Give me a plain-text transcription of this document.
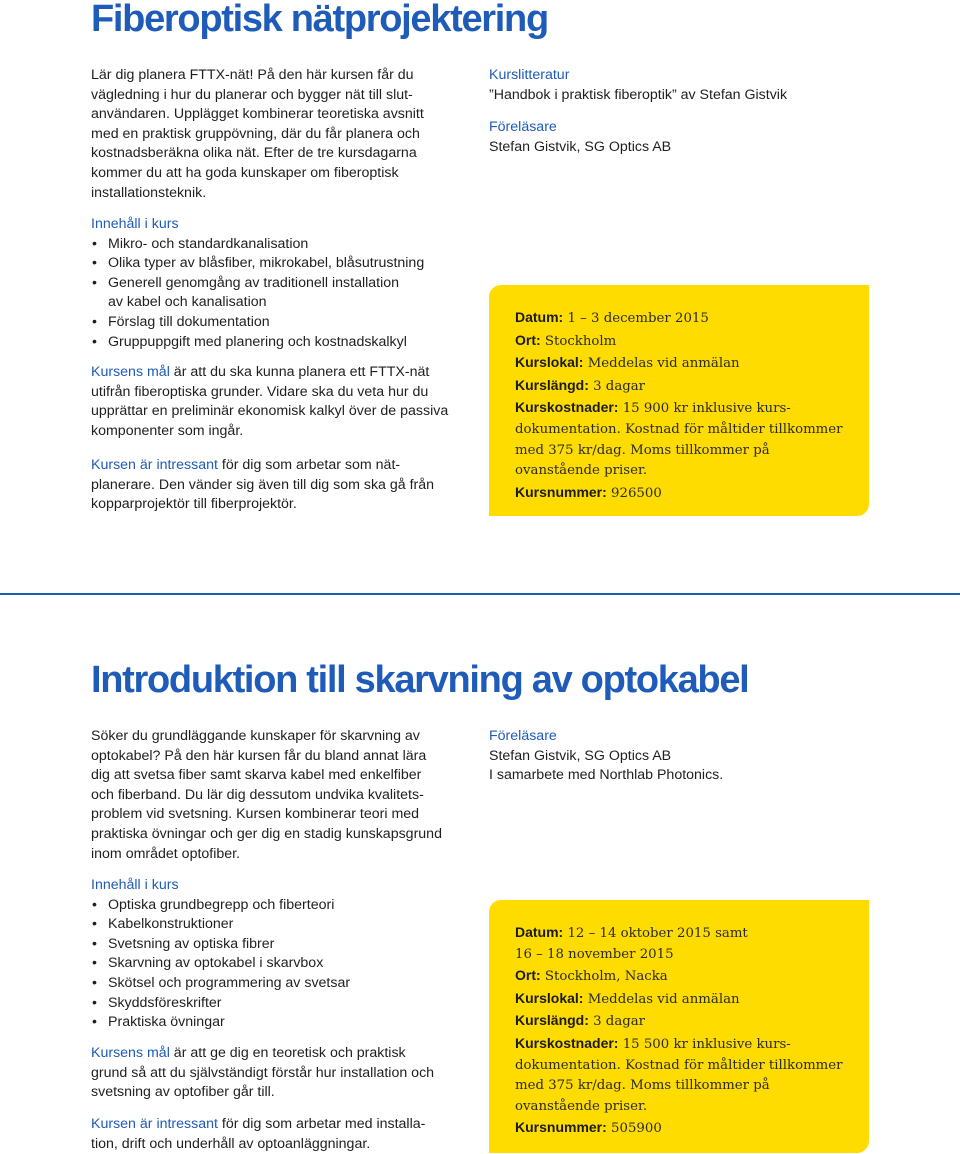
Fiberoptisk nätprojektering

Lär dig planera FTTX-nät! På den här kursen får du

vägledning i hur du planerar och bygger nät till slut-

användaren. Upplägget kombinerar teoretiska avsnitt

med en praktisk gruppövning, där du får planera och

kostnadsberäkna olika nät. Efter de tre kursdagarna

kommer du att ha goda kunskaper om fiberoptisk

installationsteknik.

Innehåll i kurs

• Mikro- och standardkanalisation
• Olika typer av blåsfiber, mikrokabel, blåsutrustning
• Generell genomgång av traditionell installation
av kabel och kanalisation
• Förslag till dokumentation
• Gruppuppgift med planering och kostnadskalkyl

Kursens mål är att du ska kunna planera ett FTTX-nät

utifrån fiberoptiska grunder. Vidare ska du veta hur du

upprättar en preliminär ekonomisk kalkyl över de passiva

komponenter som ingår.

Kursen är intressant för dig som arbetar som nät-

planerare. Den vänder sig även till dig som ska gå från

kopparprojektör till fiberprojektör.

Kurslitteratur

”Handbok i praktisk fiberoptik” av Stefan Gistvik

Föreläsare

Stefan Gistvik, SG Optics AB

Datum: 1 – 3 december 2015

Ort: Stockholm

Kurslokal: Meddelas vid anmälan

Kurslängd: 3 dagar

Kurskostnader: 15 900 kr inklusive kurs-

dokumentation. Kostnad för måltider tillkommer

med 375 kr/dag. Moms tillkommer på

ovanstående priser.

Kursnummer: 926500

Introduktion till skarvning av optokabel

Söker du grundläggande kunskaper för skarvning av

optokabel? På den här kursen får du bland annat lära

dig att svetsa fiber samt skarva kabel med enkelfiber

och fiberband. Du lär dig dessutom undvika kvalitets-

problem vid svetsning. Kursen kombinerar teori med

praktiska övningar och ger dig en stadig kunskapsgrund

inom området optofiber.

Innehåll i kurs

• Optiska grundbegrepp och fiberteori
• Kabelkonstruktioner
• Svetsning av optiska fibrer
• Skarvning av optokabel i skarvbox
• Skötsel och programmering av svetsar
• Skyddsföreskrifter
• Praktiska övningar

Kursens mål är att ge dig en teoretisk och praktisk

grund så att du självständigt förstår hur installation och

svetsning av optofiber går till.

Kursen är intressant för dig som arbetar med installa-

tion, drift och underhåll av optoanläggningar.

Föreläsare

Stefan Gistvik, SG Optics AB

I samarbete med Northlab Photonics.

Datum: 12 – 14 oktober 2015 samt

16 – 18 november 2015

Ort: Stockholm, Nacka

Kurslokal: Meddelas vid anmälan

Kurslängd: 3 dagar

Kurskostnader: 15 500 kr inklusive kurs-

dokumentation. Kostnad för måltider tillkommer

med 375 kr/dag. Moms tillkommer på

ovanstående priser.

Kursnummer: 505900
